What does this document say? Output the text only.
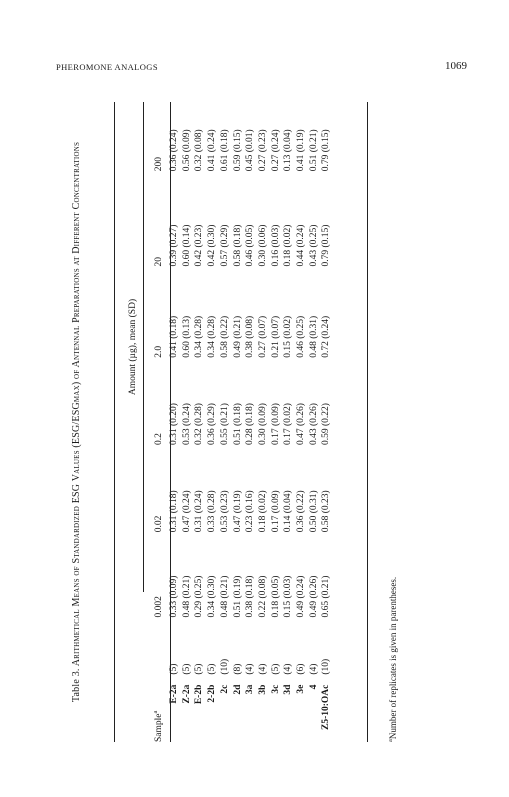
PHEROMONE ANALOGS	1069
Table 3. Arithmetical Means of Standardized ESG Values (ESG/ESGmax) of Antennal Preparations at Different Concentrations	Amount (µg), mean (SD)
Sample$^a$		0.002	0.02	0.2	2.0	20	200
E-2a	(5)	0.33 (0.09)	0.31 (0.18)	0.31 (0.20)	0.41 (0.18)	0.39 (0.27)	0.36 (0.24)
Z-2a	(5)	0.48 (0.21)	0.47 (0.24)	0.53 (0.24)	0.60 (0.13)	0.60 (0.14)	0.56 (0.09)
E-2b	(5)	0.29 (0.25)	0.31 (0.24)	0.32 (0.28)	0.34 (0.28)	0.42 (0.23)	0.32 (0.08)
2-2b	(5)	0.34 (0.30)	0.33 (0.28)	0.36 (0.29)	0.34 (0.28)	0.42 (0.30)	0.41 (0.24)
2c	(10)	0.48 (0.21)	0.53 (0.23)	0.55 (0.21)	0.58 (0.22)	0.57 (0.29)	0.61 (0.18)
2d	(8)	0.51 (0.19)	0.47 (0.19)	0.51 (0.18)	0.49 (0.21)	0.58 (0.18)	0.59 (0.15)
3a	(4)	0.38 (0.18)	0.23 (0.16)	0.28 (0.18)	0.38 (0.08)	0.46 (0.05)	0.45 (0.01)
3b	(4)	0.22 (0.08)	0.18 (0.02)	0.30 (0.09)	0.27 (0.07)	0.30 (0.06)	0.27 (0.23)
3c	(5)	0.18 (0.05)	0.17 (0.09)	0.17 (0.09)	0.21 (0.07)	0.16 (0.03)	0.27 (0.24)
3d	(4)	0.15 (0.03)	0.14 (0.04)	0.17 (0.02)	0.15 (0.02)	0.18 (0.02)	0.13 (0.04)
3e	(6)	0.49 (0.24)	0.36 (0.22)	0.47 (0.26)	0.46 (0.25)	0.44 (0.24)	0.41 (0.19)
4	(4)	0.49 (0.26)	0.50 (0.31)	0.43 (0.26)	0.48 (0.31)	0.43 (0.25)	0.51 (0.21)
Z5-10:OAc	(10)	0.65 (0.21)	0.58 (0.23)	0.59 (0.22)	0.72 (0.24)	0.79 (0.15)	0.79 (0.15)
$^a$Number of replicates is given in parentheses.
